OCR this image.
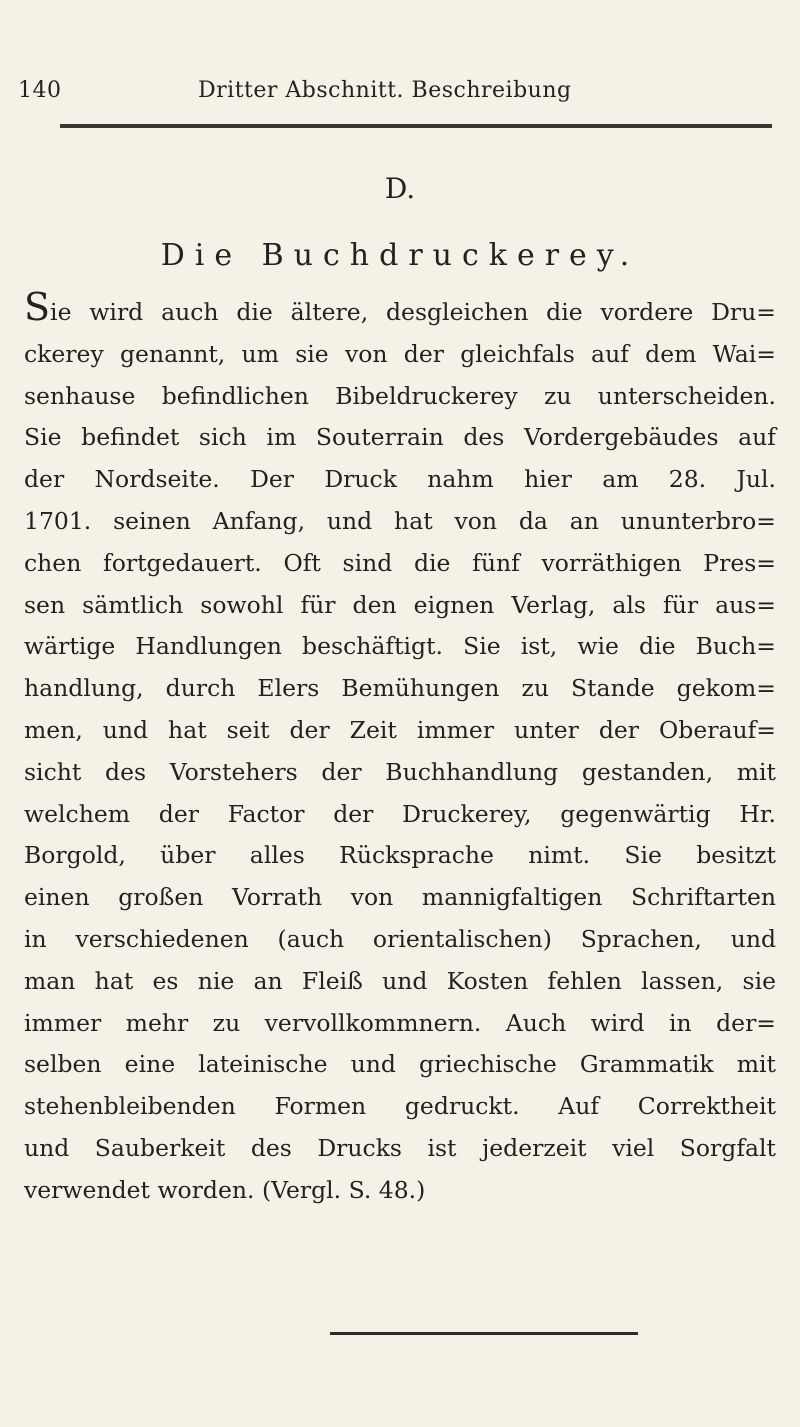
140	Dritter Abschnitt. Beschreibung
D.
Die Buchdruckerey.
Sie wird auch die ältere, desgleichen die vordere Dru=
ckerey genannt, um sie von der gleichfals auf dem Wai=
senhause befindlichen Bibeldruckerey zu unterscheiden.
Sie befindet sich im Souterrain des Vordergebäudes auf
der Nordseite. Der Druck nahm hier am 28. Jul.
1701. seinen Anfang, und hat von da an ununterbro=
chen fortgedauert. Oft sind die fünf vorräthigen Pres=
sen sämtlich sowohl für den eignen Verlag, als für aus=
wärtige Handlungen beschäftigt. Sie ist, wie die Buch=
handlung, durch Elers Bemühungen zu Stande gekom=
men, und hat seit der Zeit immer unter der Oberauf=
sicht des Vorstehers der Buchhandlung gestanden, mit
welchem der Factor der Druckerey, gegenwärtig Hr.
Borgold, über alles Rücksprache nimt. Sie besitzt
einen großen Vorrath von mannigfaltigen Schriftarten
in verschiedenen (auch orientalischen) Sprachen, und
man hat es nie an Fleiß und Kosten fehlen lassen, sie
immer mehr zu vervollkommnern. Auch wird in der=
selben eine lateinische und griechische Grammatik mit
stehenbleibenden Formen gedruckt. Auf Correktheit
und Sauberkeit des Drucks ist jederzeit viel Sorgfalt
verwendet worden. (Vergl. S. 48.)
